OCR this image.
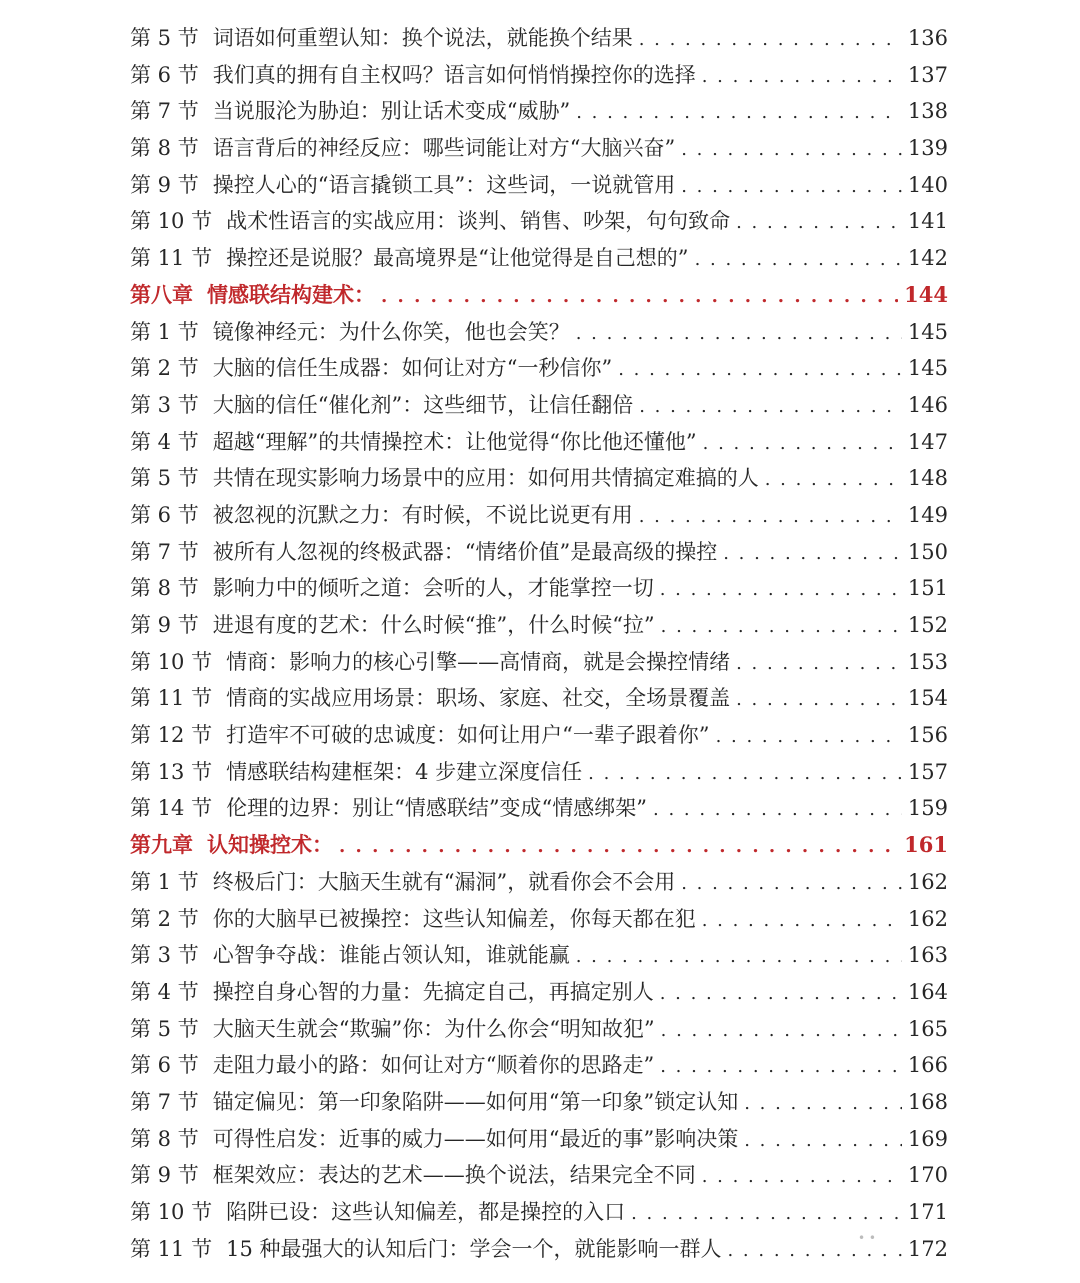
第 5 节 词语如何重塑认知：换个说法，就能换个结果 . . .	136
第 6 节 我们真的拥有自主权吗？语言如何悄悄操控你的选择 . . .	137
第 7 节 当说服沦为胁迫：别让话术变成“威胁” . . .	138
第 8 节 语言背后的神经反应：哪些词能让对方“大脑兴奋” . . .	139
第 9 节 操控人心的“语言撬锁工具”：这些词，一说就管用 . . .	140
第 10 节 战术性语言的实战应用：谈判、销售、吵架，句句致命 . . .	141
第 11 节 操控还是说服？最高境界是“让他觉得是自己想的” . . .	142
第八章 情感联结构建术： . . .	144
第 1 节 镜像神经元：为什么你笑，他也会笑？ . . .	145
第 2 节 大脑的信任生成器：如何让对方“一秒信你” . . .	145
第 3 节 大脑的信任“催化剂”：这些细节，让信任翻倍 . . .	146
第 4 节 超越“理解”的共情操控术：让他觉得“你比他还懂他” . . .	147
第 5 节 共情在现实影响力场景中的应用：如何用共情搞定难搞的人 . . .	148
第 6 节 被忽视的沉默之力：有时候，不说比说更有用 . . .	149
第 7 节 被所有人忽视的终极武器：“情绪价值”是最高级的操控 . . .	150
第 8 节 影响力中的倾听之道：会听的人，才能掌控一切 . . .	151
第 9 节 进退有度的艺术：什么时候“推”，什么时候“拉” . . .	152
第 10 节 情商：影响力的核心引擎——高情商，就是会操控情绪 . . .	153
第 11 节 情商的实战应用场景：职场、家庭、社交，全场景覆盖 . . .	154
第 12 节 打造牢不可破的忠诚度：如何让用户“一辈子跟着你” . . .	156
第 13 节 情感联结构建框架：4 步建立深度信任 . . .	157
第 14 节 伦理的边界：别让“情感联结”变成“情感绑架” . . .	159
第九章 认知操控术： . . .	161
第 1 节 终极后门：大脑天生就有“漏洞”，就看你会不会用 . . .	162
第 2 节 你的大脑早已被操控：这些认知偏差，你每天都在犯 . . .	162
第 3 节 心智争夺战：谁能占领认知，谁就能赢 . . .	163
第 4 节 操控自身心智的力量：先搞定自己，再搞定别人 . . .	164
第 5 节 大脑天生就会“欺骗”你：为什么你会“明知故犯” . . .	165
第 6 节 走阻力最小的路：如何让对方“顺着你的思路走” . . .	166
第 7 节 锚定偏见：第一印象陷阱——如何用“第一印象”锁定认知 . . .	168
第 8 节 可得性启发：近事的威力——如何用“最近的事”影响决策 . . .	169
第 9 节 框架效应：表达的艺术——换个说法，结果完全不同 . . .	170
第 10 节 陷阱已设：这些认知偏差，都是操控的入口 . . .	171
第 11 节 15 种最强大的认知后门：学会一个，就能影响一群人 . . .	172
• •
